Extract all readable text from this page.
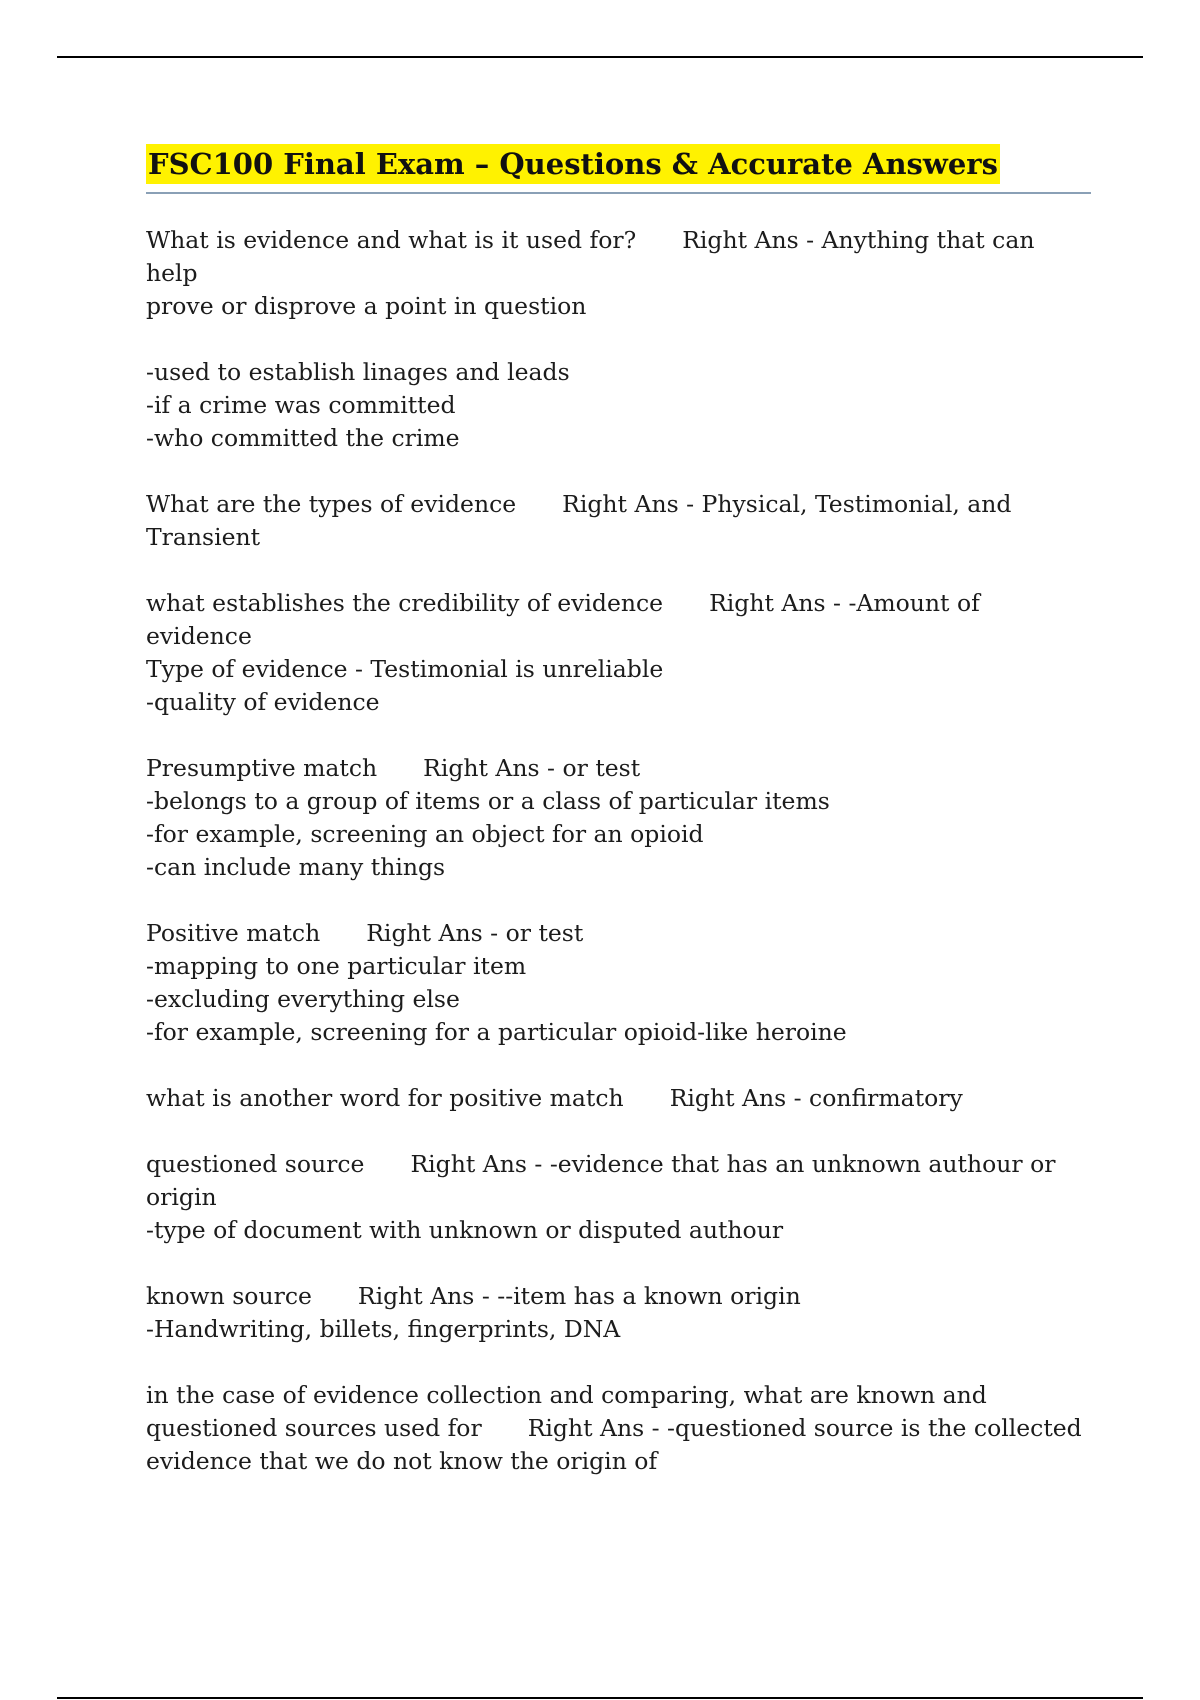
FSC100 Final Exam – Questions & Accurate Answers

What is evidence and what is it used for? Right Ans - Anything that can help

prove or disprove a point in question

-used to establish linages and leads

-if a crime was committed

-who committed the crime

What are the types of evidence Right Ans - Physical, Testimonial, and

Transient

what establishes the credibility of evidence Right Ans - -Amount of

evidence

Type of evidence - Testimonial is unreliable

-quality of evidence

Presumptive match Right Ans - or test

-belongs to a group of items or a class of particular items

-for example, screening an object for an opioid

-can include many things

Positive match Right Ans - or test

-mapping to one particular item

-excluding everything else

-for example, screening for a particular opioid-like heroine

what is another word for positive match Right Ans - confirmatory

questioned source Right Ans - -evidence that has an unknown authour or

origin

-type of document with unknown or disputed authour

known source Right Ans - --item has a known origin

-Handwriting, billets, fingerprints, DNA

in the case of evidence collection and comparing, what are known and

questioned sources used for Right Ans - -questioned source is the collected

evidence that we do not know the origin of
